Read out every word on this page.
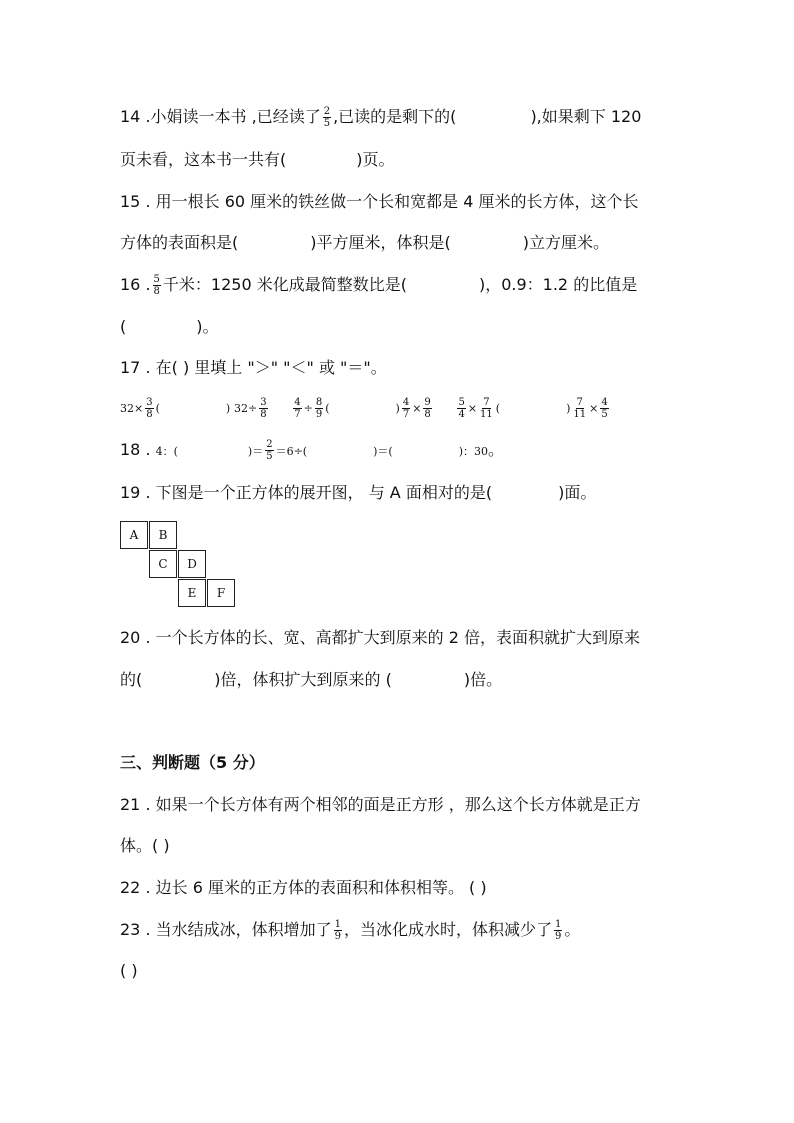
14 .小娟读一本书 ,已经读了 $\frac{2}{5}$ ,已读的是剩下的(	),如果剩下 120
页未看，这本书一共有(	)页。
15 . 用一根长 60 厘米的铁丝做一个长和宽都是 4 厘米的长方体，这个长
方体的表面积是(	)平方厘米，体积是(	)立方厘米。
16 . $\frac{5}{8}$ 千米：1250 米化成最简整数比是(	)，0.9：1.2 的比值是
(	)。
17 . 在( ) 里填上 "＞" "＜" 或 "＝"。
$32\times \frac{3}{8}$ (	) $32\div \frac{3}{8}$
	$\frac{4}{7} \div \frac{8}{9}$ (	) $\frac{4}{7} \times \frac{9}{8}$
	$\frac{5}{4} \times \frac{7}{11}$ (	) $\frac{7}{11} \times \frac{4}{5}$
18 . 4：(	)＝ $\frac{2}{5} =6\div$(	)＝(	)：30。
19 . 下图是一个正方体的展开图， 与 A 面相对的是(	)面。
A	B
C	D
E	F
20 . 一个长方体的长、宽、高都扩大到原来的 2 倍，表面积就扩大到原来
的(	)倍，体积扩大到原来的 (	)倍。
三、判断题（5 分）
21 . 如果一个长方体有两个相邻的面是正方形 ，那么这个长方体就是正方
体。( )
22 . 边长 6 厘米的正方体的表面积和体积相等。 ( )
23 . 当水结成冰，体积增加了 $\frac{1}{9}$ ，当冰化成水时，体积减少了 $\frac{1}{9}$ 。
( )
